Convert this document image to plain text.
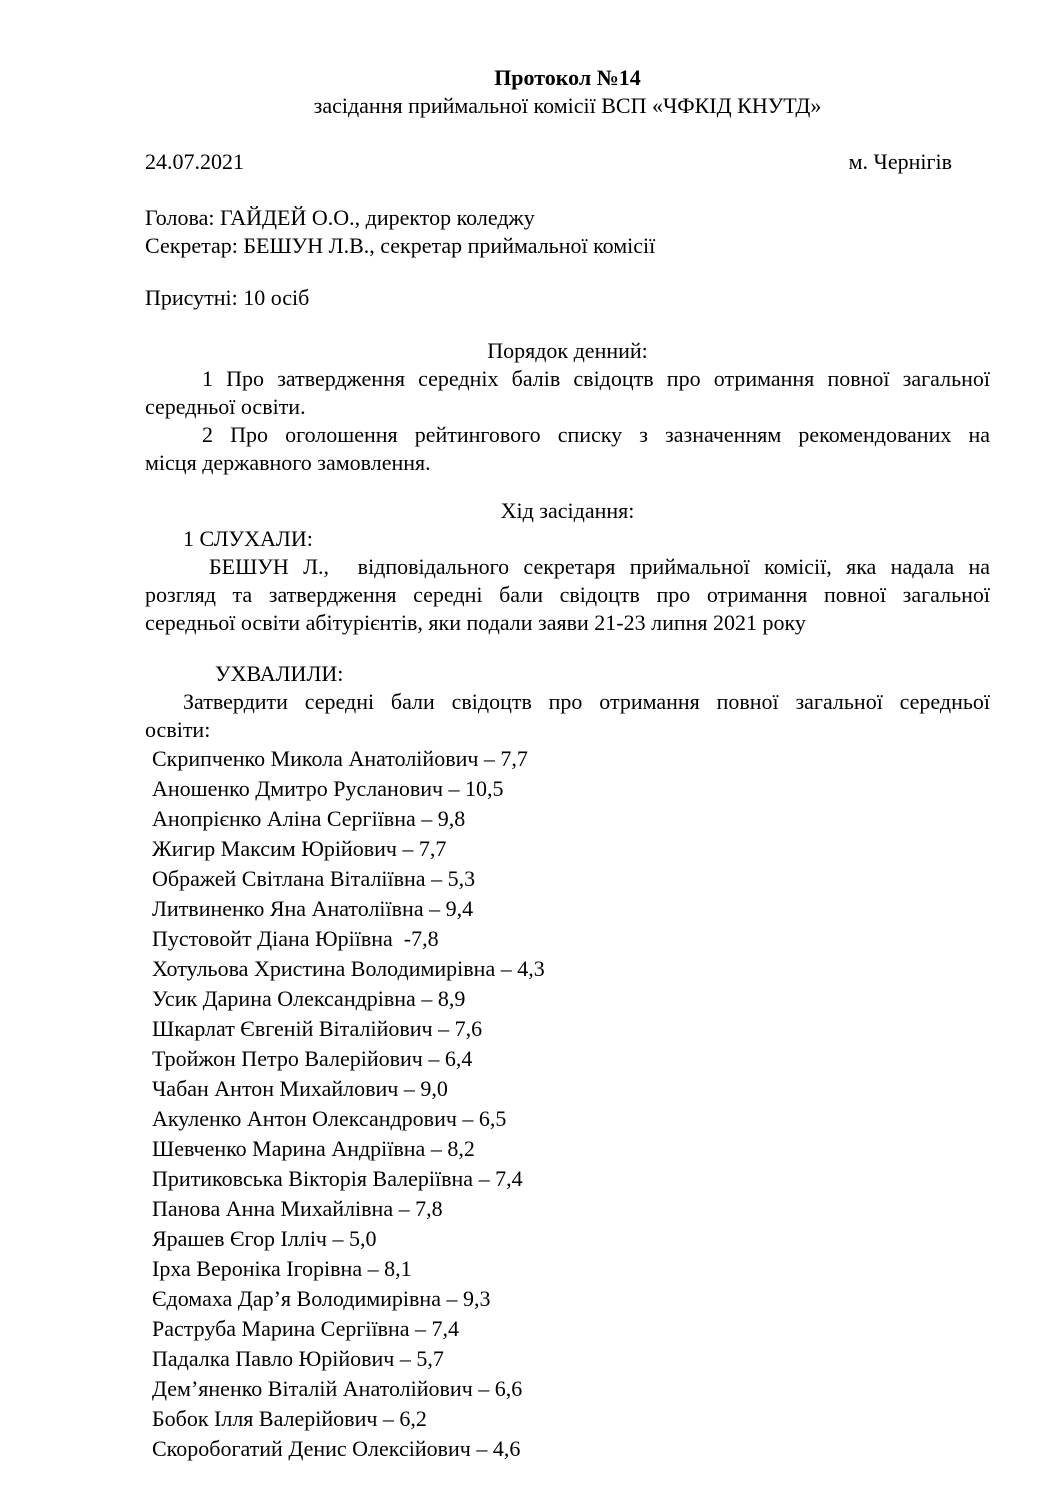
Протокол №14
засідання приймальної комісії ВСП «ЧФКІД КНУТД»
24.07.2021	м. Чернігів
Голова: ГАЙДЕЙ О.О., директор коледжу
Секретар: БЕШУН Л.В., секретар приймальної комісії
Присутні: 10 осіб
Порядок денний:
1 Про затвердження середніх балів свідоцтв про отримання повної загальної
середньої освіти.
2 Про оголошення рейтингового списку з зазначенням рекомендованих на
місця державного замовлення.
Хід засідання:
1 СЛУХАЛИ:
БЕШУН Л.,  відповідального секретаря приймальної комісії, яка надала на
розгляд та затвердження середні бали свідоцтв про отримання повної загальної
середньої освіти абітурієнтів, яки подали заяви 21-23 липня 2021 року
УХВАЛИЛИ:
Затвердити середні бали свідоцтв про отримання повної загальної середньої
освіти:
Скрипченко Микола Анатолійович – 7,7
Аношенко Дмитро Русланович – 10,5
Анопрієнко Аліна Сергіївна – 9,8
Жигир Максим Юрійович – 7,7
Ображей Світлана Віталіївна – 5,3
Литвиненко Яна Анатоліївна – 9,4
Пустовойт Діана Юріївна  -7,8
Хотульова Христина Володимирівна – 4,3
Усик Дарина Олександрівна – 8,9
Шкарлат Євгеній Віталійович – 7,6
Тройжон Петро Валерійович – 6,4
Чабан Антон Михайлович – 9,0
Акуленко Антон Олександрович – 6,5
Шевченко Марина Андріївна – 8,2
Притиковська Вікторія Валеріївна – 7,4
Панова Анна Михайлівна – 7,8
Ярашев Єгор Ілліч – 5,0
Ірха Вероніка Ігорівна – 8,1
Єдомаха Дар’я Володимирівна – 9,3
Раструба Марина Сергіївна – 7,4
Падалка Павло Юрійович – 5,7
Дем’яненко Віталій Анатолійович – 6,6
Бобок Ілля Валерійович – 6,2
Скоробогатий Денис Олексійович – 4,6
